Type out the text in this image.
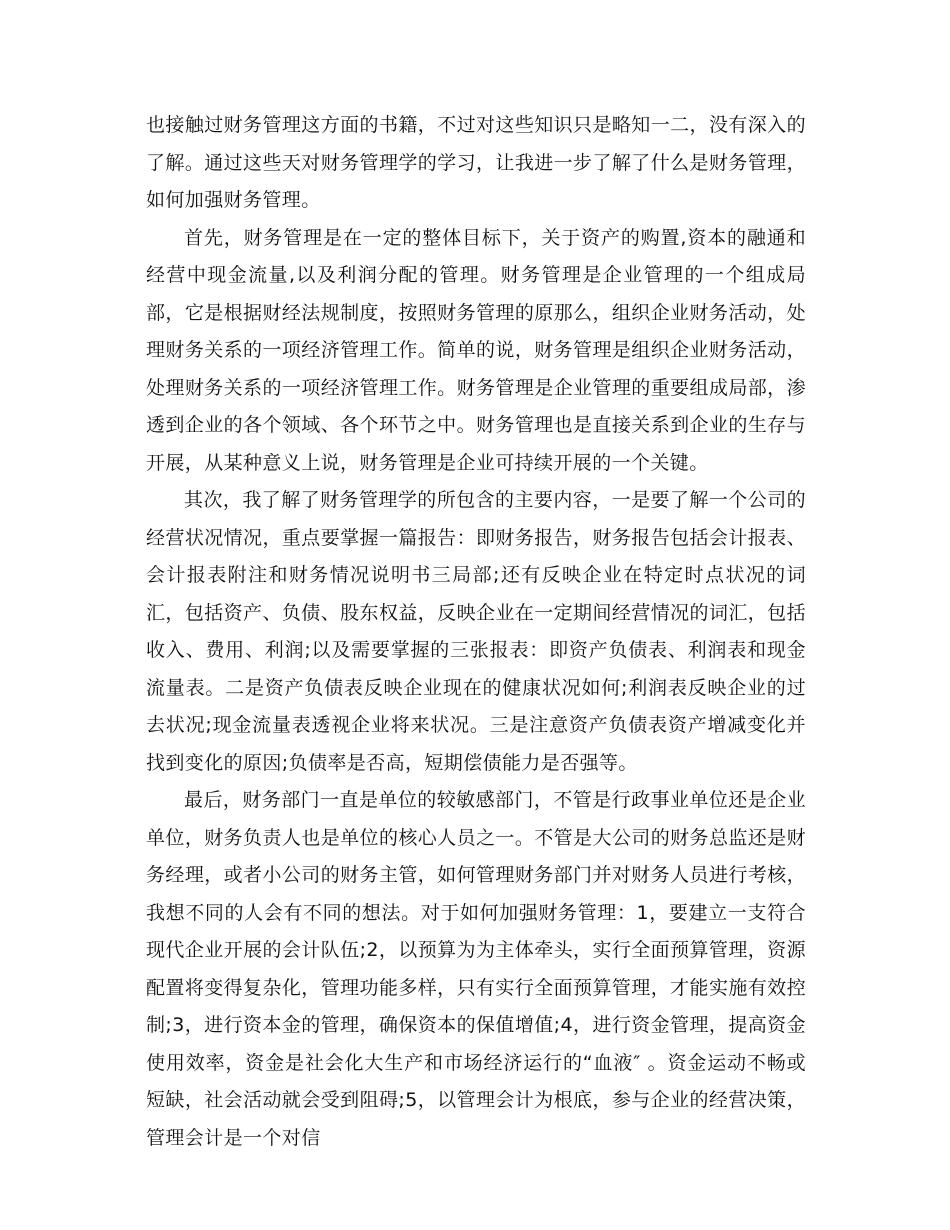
也接触过财务管理这方面的书籍，不过对这些知识只是略知一二，没有深入的了解。通过这些天对财务管理学的学习，让我进一步了解了什么是财务管理，如何加强财务管理。

首先，财务管理是在一定的整体目标下，关于资产的购置,资本的融通和经营中现金流量,以及利润分配的管理。财务管理是企业管理的一个组成局部，它是根据财经法规制度，按照财务管理的原那么，组织企业财务活动，处理财务关系的一项经济管理工作。简单的说，财务管理是组织企业财务活动，处理财务关系的一项经济管理工作。财务管理是企业管理的重要组成局部，渗透到企业的各个领域、各个环节之中。财务管理也是直接关系到企业的生存与开展，从某种意义上说，财务管理是企业可持续开展的一个关键。

其次，我了解了财务管理学的所包含的主要内容，一是要了解一个公司的经营状况情况，重点要掌握一篇报告：即财务报告，财务报告包括会计报表、会计报表附注和财务情况说明书三局部;还有反映企业在特定时点状况的词汇，包括资产、负债、股东权益，反映企业在一定期间经营情况的词汇，包括收入、费用、利润;以及需要掌握的三张报表：即资产负债表、利润表和现金流量表。二是资产负债表反映企业现在的健康状况如何;利润表反映企业的过去状况;现金流量表透视企业将来状况。三是注意资产负债表资产增减变化并找到变化的原因;负债率是否高，短期偿债能力是否强等。

最后，财务部门一直是单位的较敏感部门，不管是行政事业单位还是企业单位，财务负责人也是单位的核心人员之一。不管是大公司的财务总监还是财务经理，或者小公司的财务主管，如何管理财务部门并对财务人员进行考核，我想不同的人会有不同的想法。对于如何加强财务管理：1，要建立一支符合现代企业开展的会计队伍;2，以预算为为主体牵头，实行全面预算管理，资源配置将变得复杂化，管理功能多样，只有实行全面预算管理，才能实施有效控制;3，进行资本金的管理，确保资本的保值增值;4，进行资金管理，提高资金使用效率，资金是社会化大生产和市场经济运行的“血液″ 。资金运动不畅或短缺，社会活动就会受到阻碍;5，以管理会计为根底，参与企业的经营决策，管理会计是一个对信
